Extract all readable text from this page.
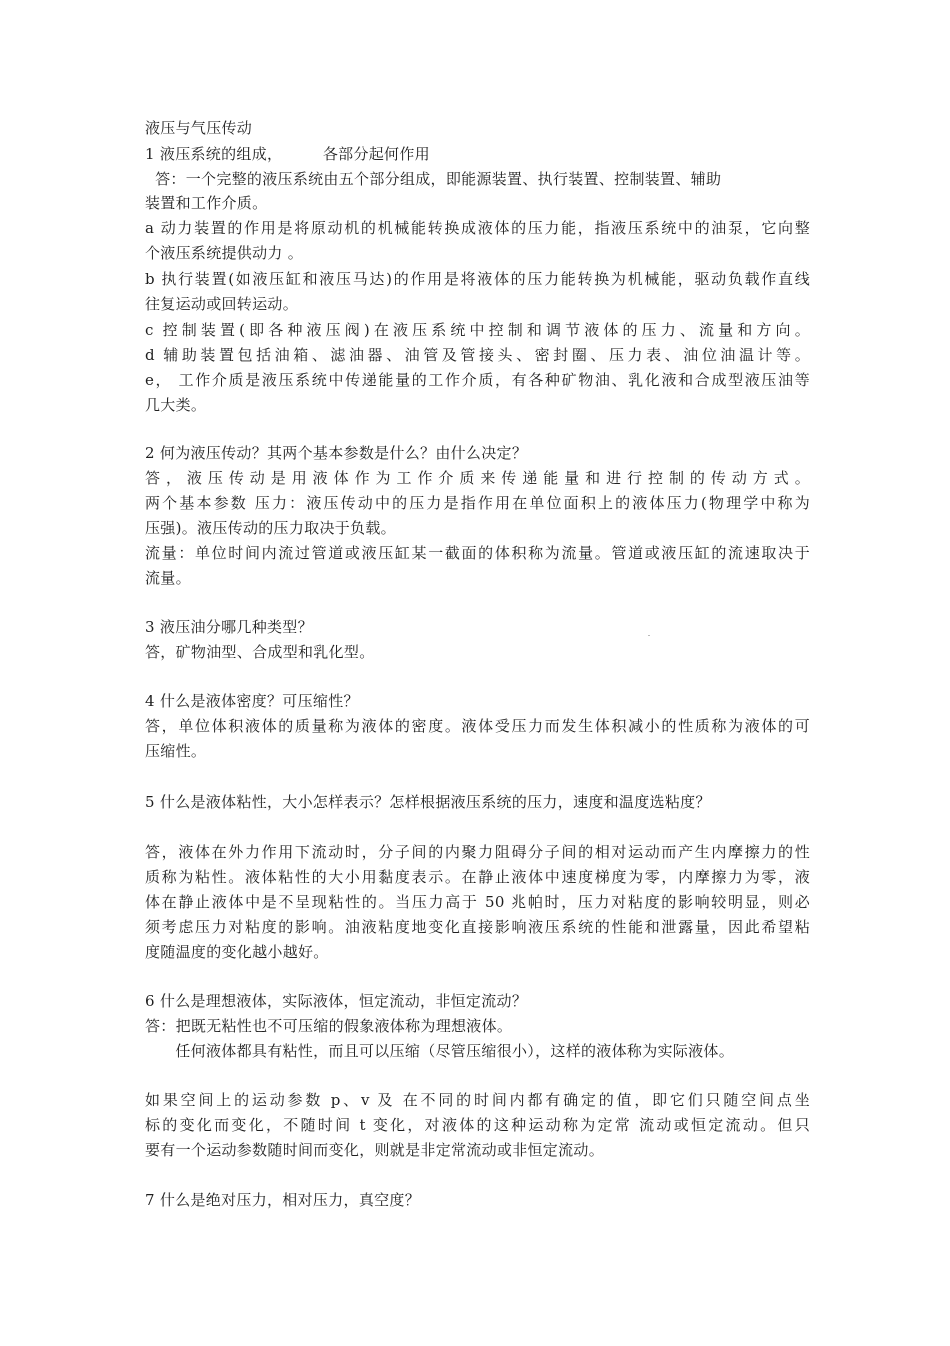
液压与气压传动

1 液压系统的组成，        各部分起何作用

答：一个完整的液压系统由五个部分组成，即能源装置、执行装置、控制装置、辅助

装置和工作介质。

a 动力装置的作用是将原动机的机械能转换成液体的压力能，指液压系统中的油泵，它向整

个液压系统提供动力 。

b 执行装置(如液压缸和液压马达)的作用是将液体的压力能转换为机械能，驱动负载作直线

往复运动或回转运动。

c 控制装置(即各种液压阀)在液压系统中控制和调节液体的压力、流量和方向。

d 辅助装置包括油箱、滤油器、油管及管接头、密封圈、压力表、油位油温计等。

e， 工作介质是液压系统中传递能量的工作介质，有各种矿物油、乳化液和合成型液压油等

几大类。

2 何为液压传动？其两个基本参数是什么？由什么决定？

答，液压传动是用液体作为工作介质来传递能量和进行控制的传动方式。

两个基本参数 压力：液压传动中的压力是指作用在单位面积上的液体压力(物理学中称为

压强)。液压传动的压力取决于负载。

流量：单位时间内流过管道或液压缸某一截面的体积称为流量。管道或液压缸的流速取决于

流量。

3 液压油分哪几种类型？

答，矿物油型、合成型和乳化型。

4 什么是液体密度？可压缩性？

答，单位体积液体的质量称为液体的密度。液体受压力而发生体积减小的性质称为液体的可

压缩性。

5 什么是液体粘性，大小怎样表示？怎样根据液压系统的压力，速度和温度选粘度？

答，液体在外力作用下流动时，分子间的内聚力阻碍分子间的相对运动而产生内摩擦力的性

质称为粘性。液体粘性的大小用黏度表示。在静止液体中速度梯度为零，内摩擦力为零，液

体在静止液体中是不呈现粘性的。当压力高于 50 兆帕时，压力对粘度的影响较明显，则必

须考虑压力对粘度的影响。油液粘度地变化直接影响液压系统的性能和泄露量，因此希望粘

度随温度的变化越小越好。

6 什么是理想液体，实际液体，恒定流动，非恒定流动？

答：把既无粘性也不可压缩的假象液体称为理想液体。

任何液体都具有粘性，而且可以压缩（尽管压缩很小），这样的液体称为实际液体。

如果空间上的运动参数 p、v 及 在不同的时间内都有确定的值，即它们只随空间点坐

标的变化而变化，不随时间 t 变化，对液体的这种运动称为定常 流动或恒定流动。但只

要有一个运动参数随时间而变化，则就是非定常流动或非恒定流动。

7 什么是绝对压力，相对压力，真空度？
